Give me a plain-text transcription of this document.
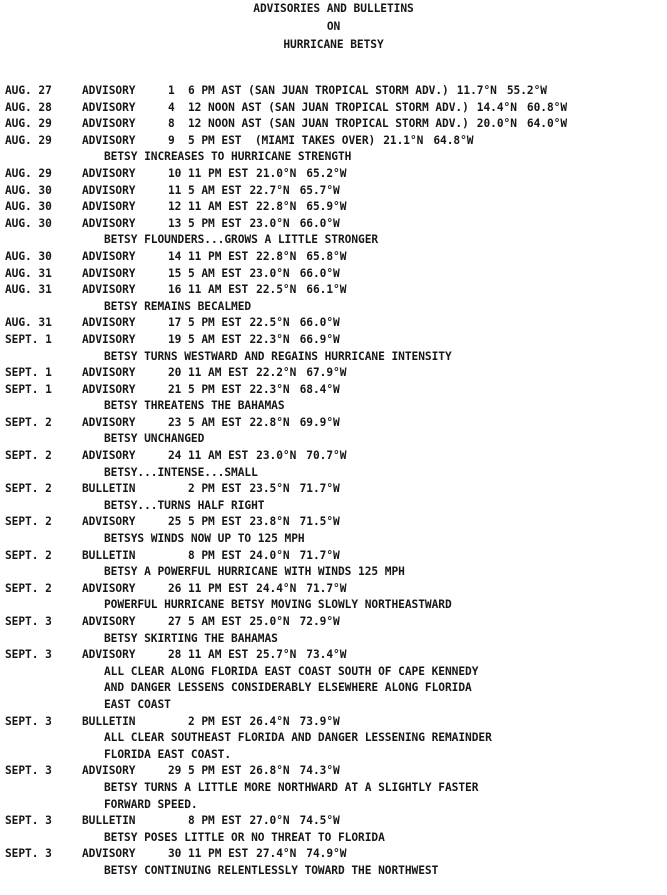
ADVISORIES AND BULLETINS
ON
HURRICANE BETSY
AUG. 27	ADVISORY	1 6 PM AST (SAN JUAN TROPICAL STORM ADV.) 11.7°N 55.2°W
AUG. 28	ADVISORY	4 12 NOON AST (SAN JUAN TROPICAL STORM ADV.) 14.4°N 60.8°W
AUG. 29	ADVISORY	8 12 NOON AST (SAN JUAN TROPICAL STORM ADV.) 20.0°N 64.0°W
AUG. 29	ADVISORY	9 5 PM EST  (MIAMI TAKES OVER) 21.1°N 64.8°W
BETSY INCREASES TO HURRICANE STRENGTH
AUG. 29	ADVISORY	10 11 PM EST 21.0°N 65.2°W
AUG. 30	ADVISORY	11 5 AM EST 22.7°N 65.7°W
AUG. 30	ADVISORY	12 11 AM EST 22.8°N 65.9°W
AUG. 30	ADVISORY	13 5 PM EST 23.0°N 66.0°W
BETSY FLOUNDERS...GROWS A LITTLE STRONGER
AUG. 30	ADVISORY	14 11 PM EST 22.8°N 65.8°W
AUG. 31	ADVISORY	15 5 AM EST 23.0°N 66.0°W
AUG. 31	ADVISORY	16 11 AM EST 22.5°N 66.1°W
BETSY REMAINS BECALMED
AUG. 31	ADVISORY	17 5 PM EST 22.5°N 66.0°W
SEPT. 1	ADVISORY	19 5 AM EST 22.3°N 66.9°W
BETSY TURNS WESTWARD AND REGAINS HURRICANE INTENSITY
SEPT. 1	ADVISORY	20 11 AM EST 22.2°N 67.9°W
SEPT. 1	ADVISORY	21 5 PM EST 22.3°N 68.4°W
BETSY THREATENS THE BAHAMAS
SEPT. 2	ADVISORY	23 5 AM EST 22.8°N 69.9°W
BETSY UNCHANGED
SEPT. 2	ADVISORY	24 11 AM EST 23.0°N 70.7°W
BETSY...INTENSE...SMALL
SEPT. 2	BULLETIN	2 PM EST 23.5°N 71.7°W
BETSY...TURNS HALF RIGHT
SEPT. 2	ADVISORY	25 5 PM EST 23.8°N 71.5°W
BETSYS WINDS NOW UP TO 125 MPH
SEPT. 2	BULLETIN	8 PM EST 24.0°N 71.7°W
BETSY A POWERFUL HURRICANE WITH WINDS 125 MPH
SEPT. 2	ADVISORY	26 11 PM EST 24.4°N 71.7°W
POWERFUL HURRICANE BETSY MOVING SLOWLY NORTHEASTWARD
SEPT. 3	ADVISORY	27 5 AM EST 25.0°N 72.9°W
BETSY SKIRTING THE BAHAMAS
SEPT. 3	ADVISORY	28 11 AM EST 25.7°N 73.4°W
ALL CLEAR ALONG FLORIDA EAST COAST SOUTH OF CAPE KENNEDY
AND DANGER LESSENS CONSIDERABLY ELSEWHERE ALONG FLORIDA
EAST COAST
SEPT. 3	BULLETIN	2 PM EST 26.4°N 73.9°W
ALL CLEAR SOUTHEAST FLORIDA AND DANGER LESSENING REMAINDER
FLORIDA EAST COAST.
SEPT. 3	ADVISORY	29 5 PM EST 26.8°N 74.3°W
BETSY TURNS A LITTLE MORE NORTHWARD AT A SLIGHTLY FASTER
FORWARD SPEED.
SEPT. 3	BULLETIN	8 PM EST 27.0°N 74.5°W
BETSY POSES LITTLE OR NO THREAT TO FLORIDA
SEPT. 3	ADVISORY	30 11 PM EST 27.4°N 74.9°W
BETSY CONTINUING RELENTLESSLY TOWARD THE NORTHWEST
